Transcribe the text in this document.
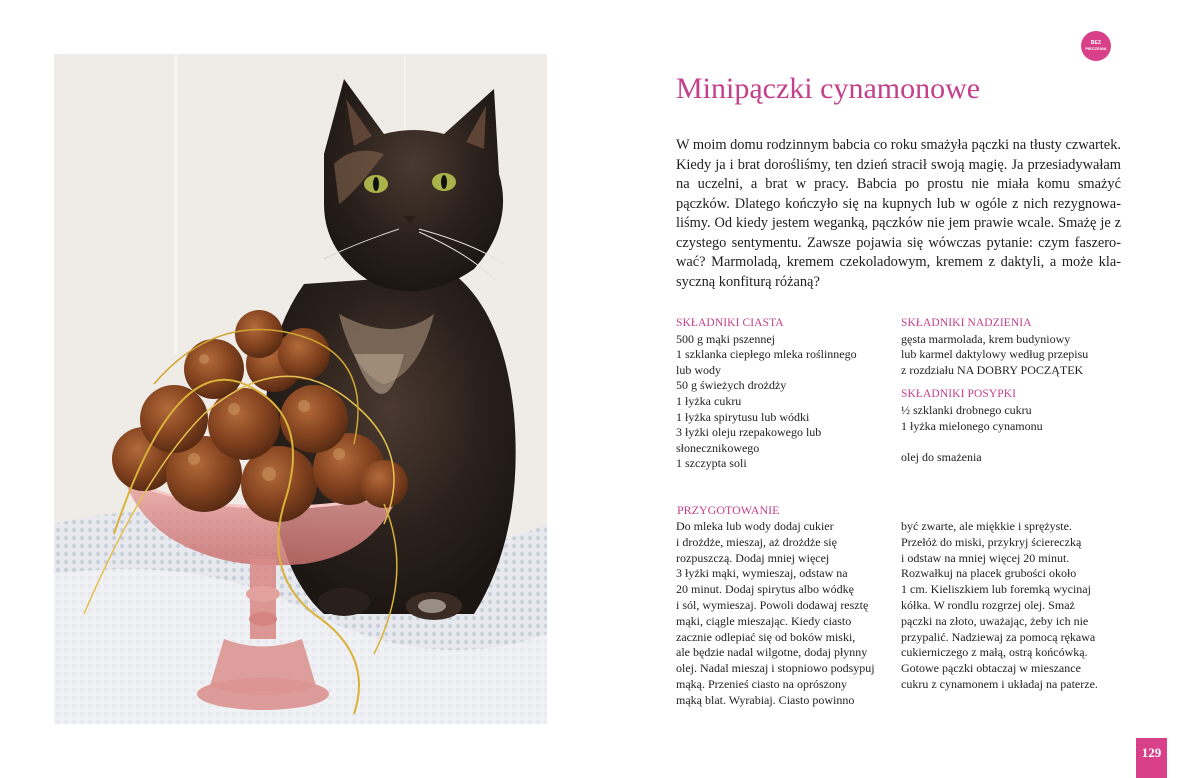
BEZ
PIECZENIA
Minipączki cynamonowe

W moim domu rodzinnym babcia co roku smażyła pączki na tłusty czwartek. Kiedy ja i brat dorośliśmy, ten dzień stracił swoją magię. Ja przesiadywałam na uczelni, a brat w pracy. Babcia po prostu nie miała komu smażyć pączków. Dlatego kończyło się na kupnych lub w ogóle z nich rezygnowaliśmy. Od kiedy jestem weganką, pączków nie jem prawie wcale. Smażę je z czystego sentymentu. Zawsze pojawia się wówczas pytanie: czym faszerować? Marmoladą, kremem czekoladowym, kremem z daktyli, a może klasyczną konfiturą różaną?

SKŁADNIKI CIASTA
500 g mąki pszennej
1 szklanka ciepłego mleka roślinnego
lub wody
50 g świeżych drożdży
1 łyżka cukru
1 łyżka spirytusu lub wódki
3 łyżki oleju rzepakowego lub
słonecznikowego
1 szczypta soli
SKŁADNIKI NADZIENIA
gęsta marmolada, krem budyniowy
lub karmel daktylowy według przepisu
z rozdziału NA DOBRY POCZĄTEK
SKŁADNIKI POSYPKI
½ szklanki drobnego cukru
1 łyżka mielonego cynamonu
olej do smażenia
PRZYGOTOWANIE
Do mleka lub wody dodaj cukier
i drożdże, mieszaj, aż drożdże się
rozpuszczą. Dodaj mniej więcej
3 łyżki mąki, wymieszaj, odstaw na
20 minut. Dodaj spirytus albo wódkę
i sól, wymieszaj. Powoli dodawaj resztę
mąki, ciągle mieszając. Kiedy ciasto
zacznie odlepiać się od boków miski,
ale będzie nadal wilgotne, dodaj płynny
olej. Nadal mieszaj i stopniowo podsypuj
mąką. Przenieś ciasto na oprószony
mąką blat. Wyrabiaj. Ciasto powinno
być zwarte, ale miękkie i sprężyste.
Przełóż do miski, przykryj ściereczką
i odstaw na mniej więcej 20 minut.
Rozwałkuj na placek grubości około
1 cm. Kieliszkiem lub foremką wycinaj
kółka. W rondlu rozgrzej olej. Smaż
pączki na złoto, uważając, żeby ich nie
przypalić. Nadziewaj za pomocą rękawa
cukierniczego z małą, ostrą końcówką.
Gotowe pączki obtaczaj w mieszance
cukru z cynamonem i układaj na paterze.
129
